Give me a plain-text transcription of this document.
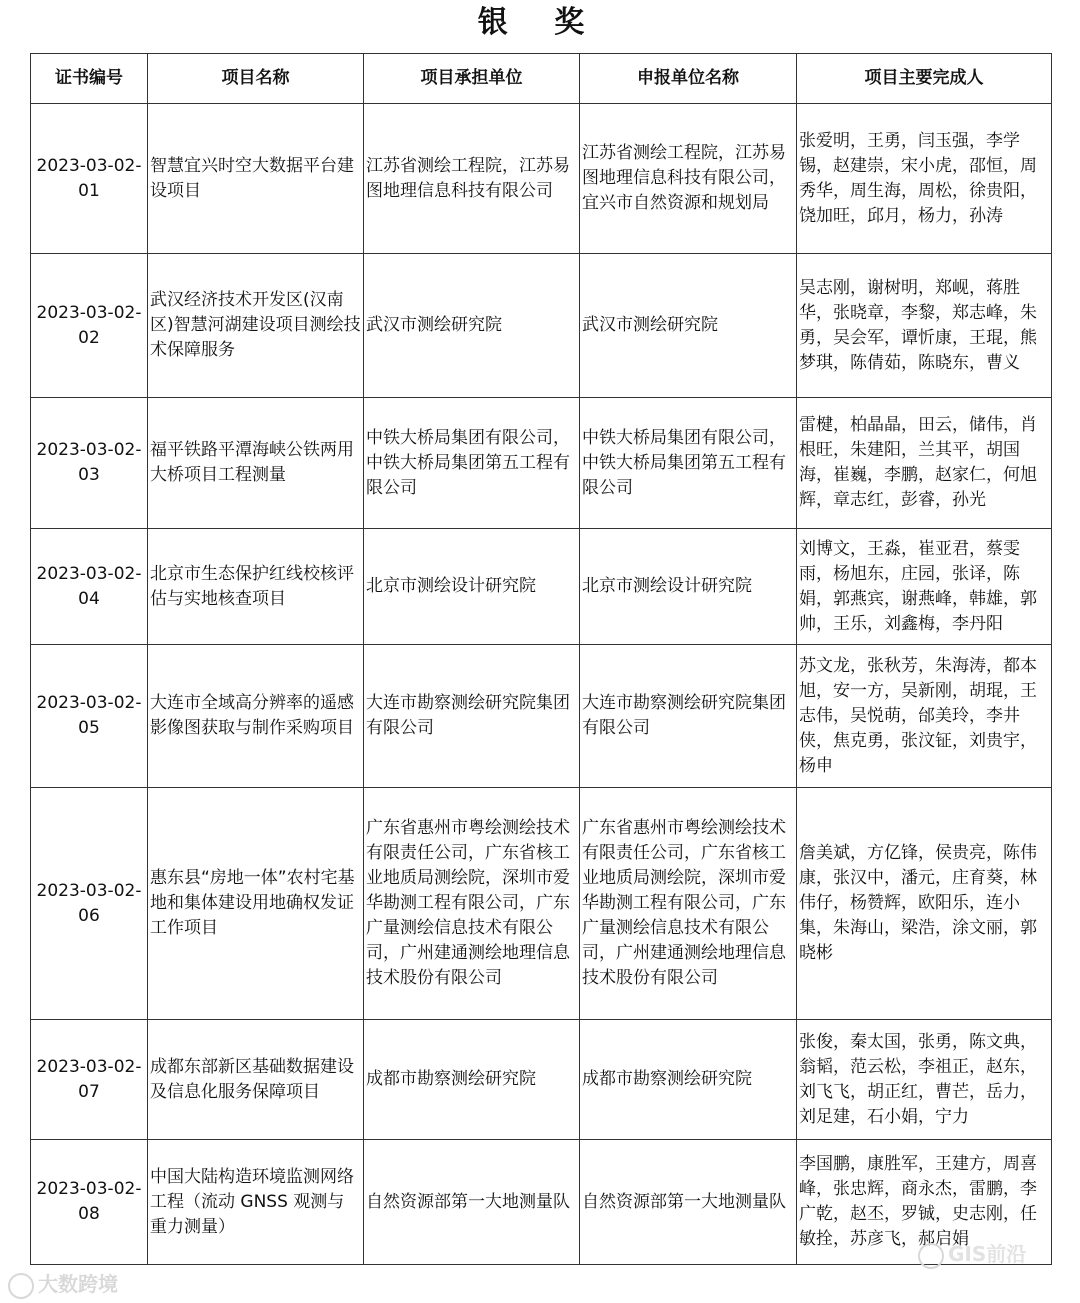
银 奖
证书编号	项目名称	项目承担单位	申报单位名称	项目主要完成人
2023-03-02-01	智慧宜兴时空大数据平台建设项目	江苏省测绘工程院，江苏易图地理信息科技有限公司	江苏省测绘工程院，江苏易图地理信息科技有限公司，宜兴市自然资源和规划局	张爱明，王勇，闫玉强，李学锡，赵建崇，宋小虎，邵恒，周秀华，周生海，周松，徐贵阳，饶加旺，邱月，杨力，孙涛
2023-03-02-02	武汉经济技术开发区(汉南区)智慧河湖建设项目测绘技术保障服务	武汉市测绘研究院	武汉市测绘研究院	吴志刚，谢树明，郑岘，蒋胜华，张晓章，李黎，郑志峰，朱勇，吴会军，谭忻康，王琨，熊梦琪，陈倩茹，陈晓东，曹义
2023-03-02-03	福平铁路平潭海峡公铁两用大桥项目工程测量	中铁大桥局集团有限公司，中铁大桥局集团第五工程有限公司	中铁大桥局集团有限公司，中铁大桥局集团第五工程有限公司	雷楗，柏晶晶，田云，储伟，肖根旺，朱建阳，兰其平，胡国海，崔巍，李鹏，赵家仁，何旭辉，章志红，彭睿，孙光
2023-03-02-04	北京市生态保护红线校核评估与实地核查项目	北京市测绘设计研究院	北京市测绘设计研究院	刘博文，王淼，崔亚君，蔡雯雨，杨旭东，庄园，张译，陈娟，郭燕宾，谢燕峰，韩雄，郭帅，王乐，刘鑫梅，李丹阳
2023-03-02-05	大连市全域高分辨率的遥感影像图获取与制作采购项目	大连市勘察测绘研究院集团有限公司	大连市勘察测绘研究院集团有限公司	苏文龙，张秋芳，朱海涛，都本旭，安一方，吴新刚，胡琨，王志伟，吴悦萌，邰美玲，李井侠，焦克勇，张汶钲，刘贵宇，杨申
2023-03-02-06	惠东县“房地一体”农村宅基地和集体建设用地确权发证工作项目	广东省惠州市粤绘测绘技术有限责任公司，广东省核工业地质局测绘院，深圳市爱华勘测工程有限公司，广东广量测绘信息技术有限公司，广州建通测绘地理信息技术股份有限公司	广东省惠州市粤绘测绘技术有限责任公司，广东省核工业地质局测绘院，深圳市爱华勘测工程有限公司，广东广量测绘信息技术有限公司，广州建通测绘地理信息技术股份有限公司	詹美斌，方亿锋，侯贵亮，陈伟康，张汉中，潘元，庄育葵，林伟仔，杨赞辉，欧阳乐，连小集，朱海山，梁浩，涂文丽，郭晓彬
2023-03-02-07	成都东部新区基础数据建设及信息化服务保障项目	成都市勘察测绘研究院	成都市勘察测绘研究院	张俊，秦太国，张勇，陈文典，翁韬，范云松，李祖正，赵东，刘飞飞，胡正红，曹芒，岳力，刘足建，石小娟，宁力
2023-03-02-08	中国大陆构造环境监测网络工程（流动 GNSS 观测与重力测量）	自然资源部第一大地测量队	自然资源部第一大地测量队	李国鹏，康胜军，王建方，周喜峰，张忠辉，商永杰，雷鹏，李广乾，赵丕，罗铖，史志刚，任敏拴，苏彦飞，郝启娟
大数跨境
GIS前沿
